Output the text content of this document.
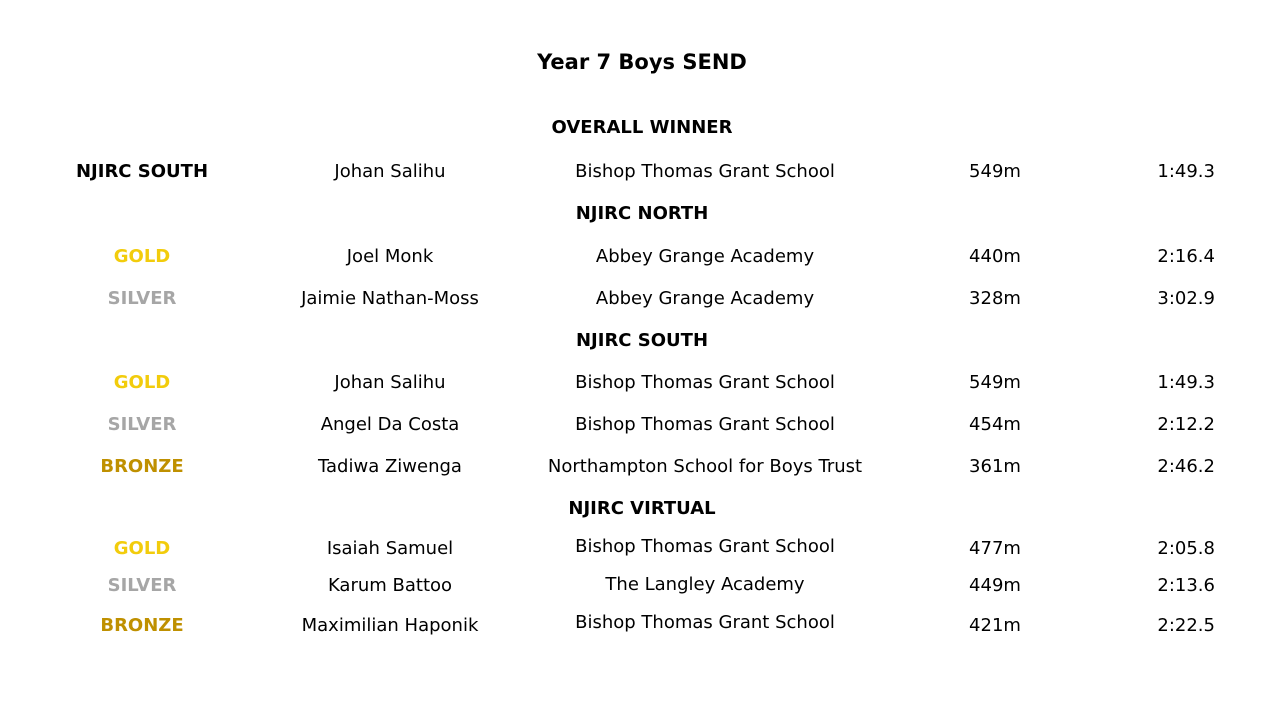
Year 7 Boys SEND
OVERALL WINNER
NJIRC SOUTH	Johan Salihu	Bishop Thomas Grant School	549m	1:49.3
NJIRC NORTH
GOLD	Joel Monk	Abbey Grange Academy	440m	2:16.4
SILVER	Jaimie Nathan-Moss	Abbey Grange Academy	328m	3:02.9
NJIRC SOUTH
GOLD	Johan Salihu	Bishop Thomas Grant School	549m	1:49.3
SILVER	Angel Da Costa	Bishop Thomas Grant School	454m	2:12.2
BRONZE	Tadiwa Ziwenga	Northampton School for Boys Trust	361m	2:46.2
NJIRC VIRTUAL
GOLD	Isaiah Samuel	Bishop Thomas Grant School	477m	2:05.8
SILVER	Karum Battoo	The Langley Academy	449m	2:13.6
BRONZE	Maximilian Haponik	Bishop Thomas Grant School	421m	2:22.5
